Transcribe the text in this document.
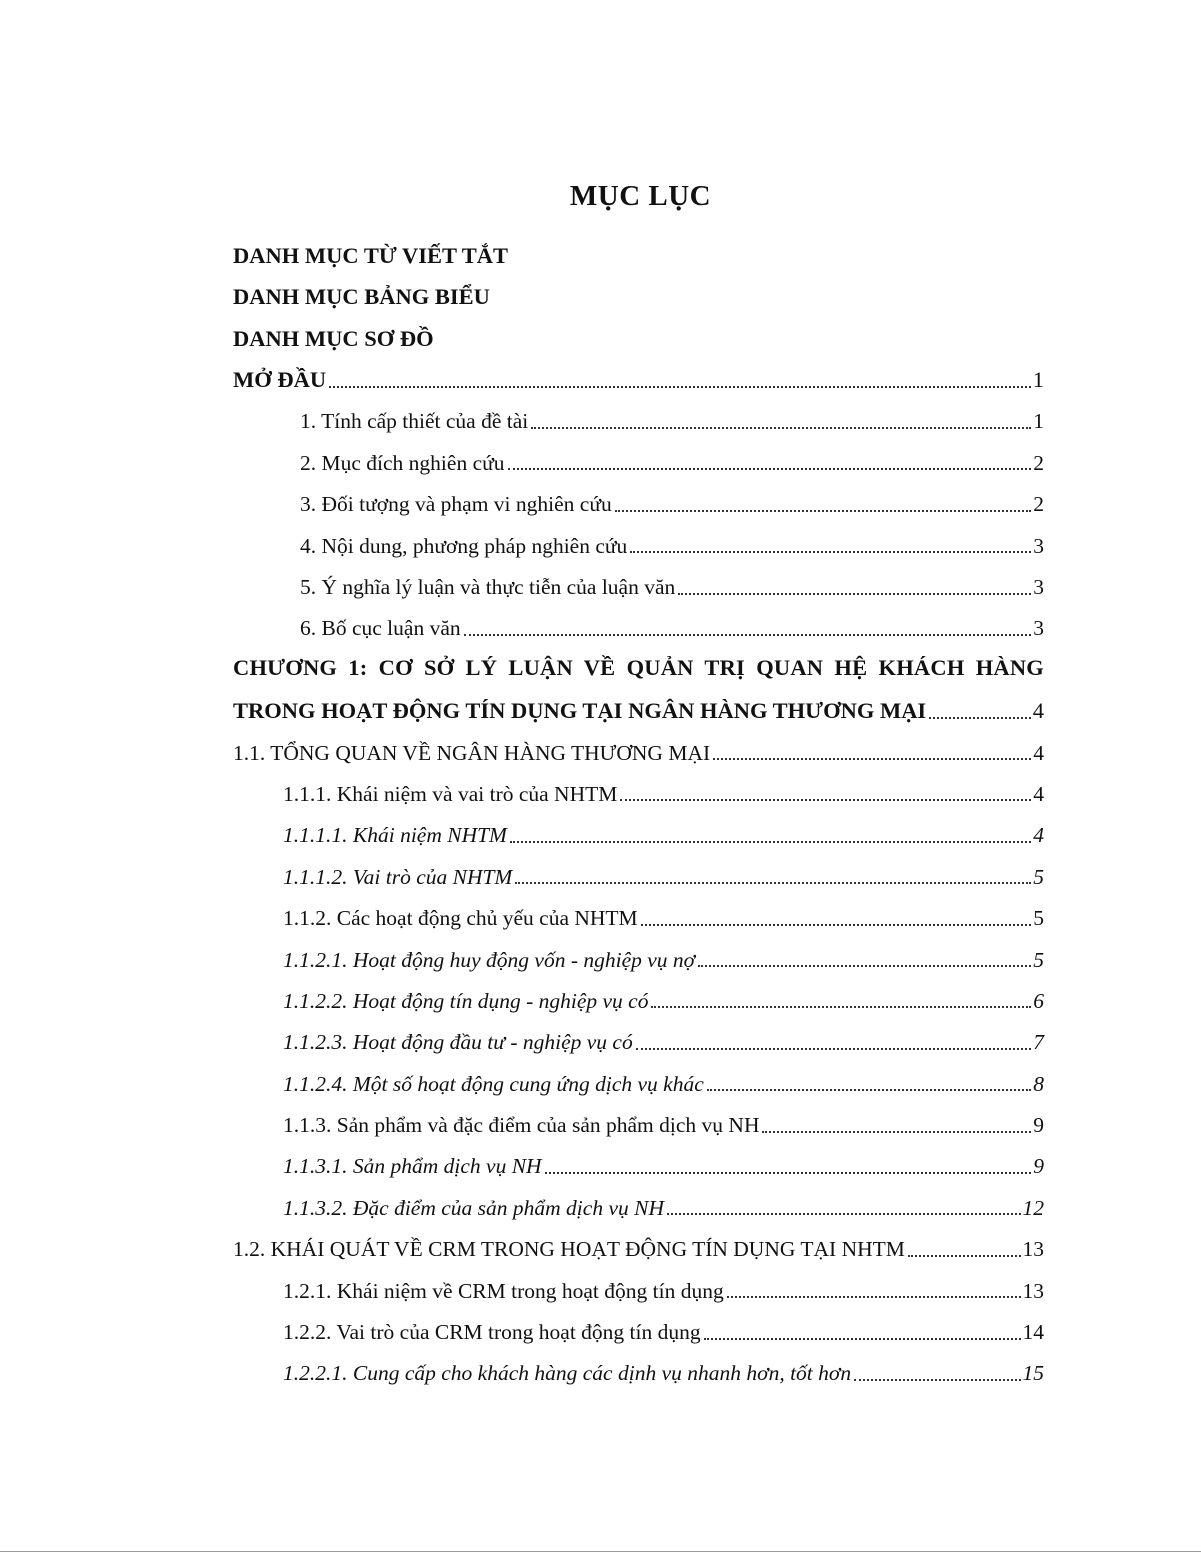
MỤC LỤC
DANH MỤC TỪ VIẾT TẮT
DANH MỤC BẢNG BIỂU
DANH MỤC SƠ ĐỒ
MỞ ĐẦU	1
1. Tính cấp thiết của đề tài	1
2. Mục đích nghiên cứu	2
3. Đối tượng và phạm vi nghiên cứu	2
4. Nội dung, phương pháp nghiên cứu	3
5. Ý nghĩa lý luận và thực tiễn của luận văn	3
6. Bố cục luận văn	3
CHƯƠNG 1: CƠ SỞ LÝ LUẬN VỀ QUẢN TRỊ QUAN HỆ KHÁCH HÀNG
TRONG HOẠT ĐỘNG TÍN DỤNG TẠI NGÂN HÀNG THƯƠNG MẠI	4
1.1. TỔNG QUAN VỀ NGÂN HÀNG THƯƠNG MẠI	4
1.1.1. Khái niệm và vai trò của NHTM	4
1.1.1.1. Khái niệm NHTM	4
1.1.1.2. Vai trò của NHTM	5
1.1.2. Các hoạt động chủ yếu của NHTM	5
1.1.2.1. Hoạt động huy động vốn - nghiệp vụ nợ	5
1.1.2.2. Hoạt động tín dụng - nghiệp vụ có	6
1.1.2.3. Hoạt động đầu tư - nghiệp vụ có	7
1.1.2.4. Một số hoạt động cung ứng dịch vụ khác	8
1.1.3. Sản phẩm và đặc điểm của sản phẩm dịch vụ NH	9
1.1.3.1. Sản phẩm dịch vụ NH	9
1.1.3.2. Đặc điểm của sản phẩm dịch vụ NH	12
1.2. KHÁI QUÁT VỀ CRM TRONG HOẠT ĐỘNG TÍN DỤNG TẠI NHTM	13
1.2.1. Khái niệm về CRM trong hoạt động tín dụng	13
1.2.2. Vai trò của CRM trong hoạt động tín dụng	14
1.2.2.1. Cung cấp cho khách hàng các dịnh vụ nhanh hơn, tốt hơn	15
